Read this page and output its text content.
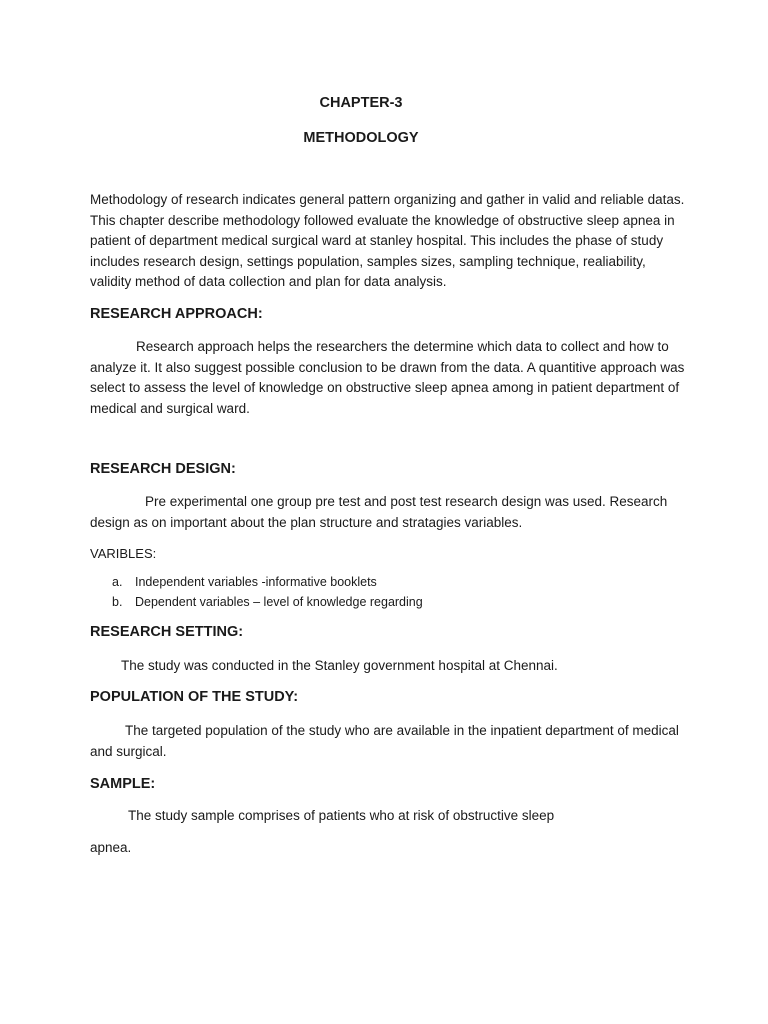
CHAPTER-3
METHODOLOGY

Methodology of research indicates general pattern organizing and gather in valid and reliable datas. This chapter describe methodology followed evaluate the knowledge of obstructive sleep apnea in patient of department medical surgical ward at stanley hospital. This includes the phase of study includes research design, settings population, samples sizes, sampling technique, realiability, validity method of data collection and plan for data analysis.

RESEARCH APPROACH:

Research approach helps the researchers the determine which data to collect and how to analyze it. It also suggest possible conclusion to be drawn from the data. A quantitive approach was select to assess the level of knowledge on obstructive sleep apnea among in patient department of medical and surgical ward.

RESEARCH DESIGN:

Pre experimental one group pre test and post test research design was used. Research design as on important about the plan structure and stratagies variables.

VARIBLES:

a. Independent variables -informative booklets
b. Dependent variables – level of knowledge regarding
RESEARCH SETTING:

The study was conducted in the Stanley government hospital at Chennai.

POPULATION OF THE STUDY:

The targeted population of the study who are available in the inpatient department of medical and surgical.

SAMPLE:

The study sample comprises of patients who at risk of obstructive sleep

apnea.
